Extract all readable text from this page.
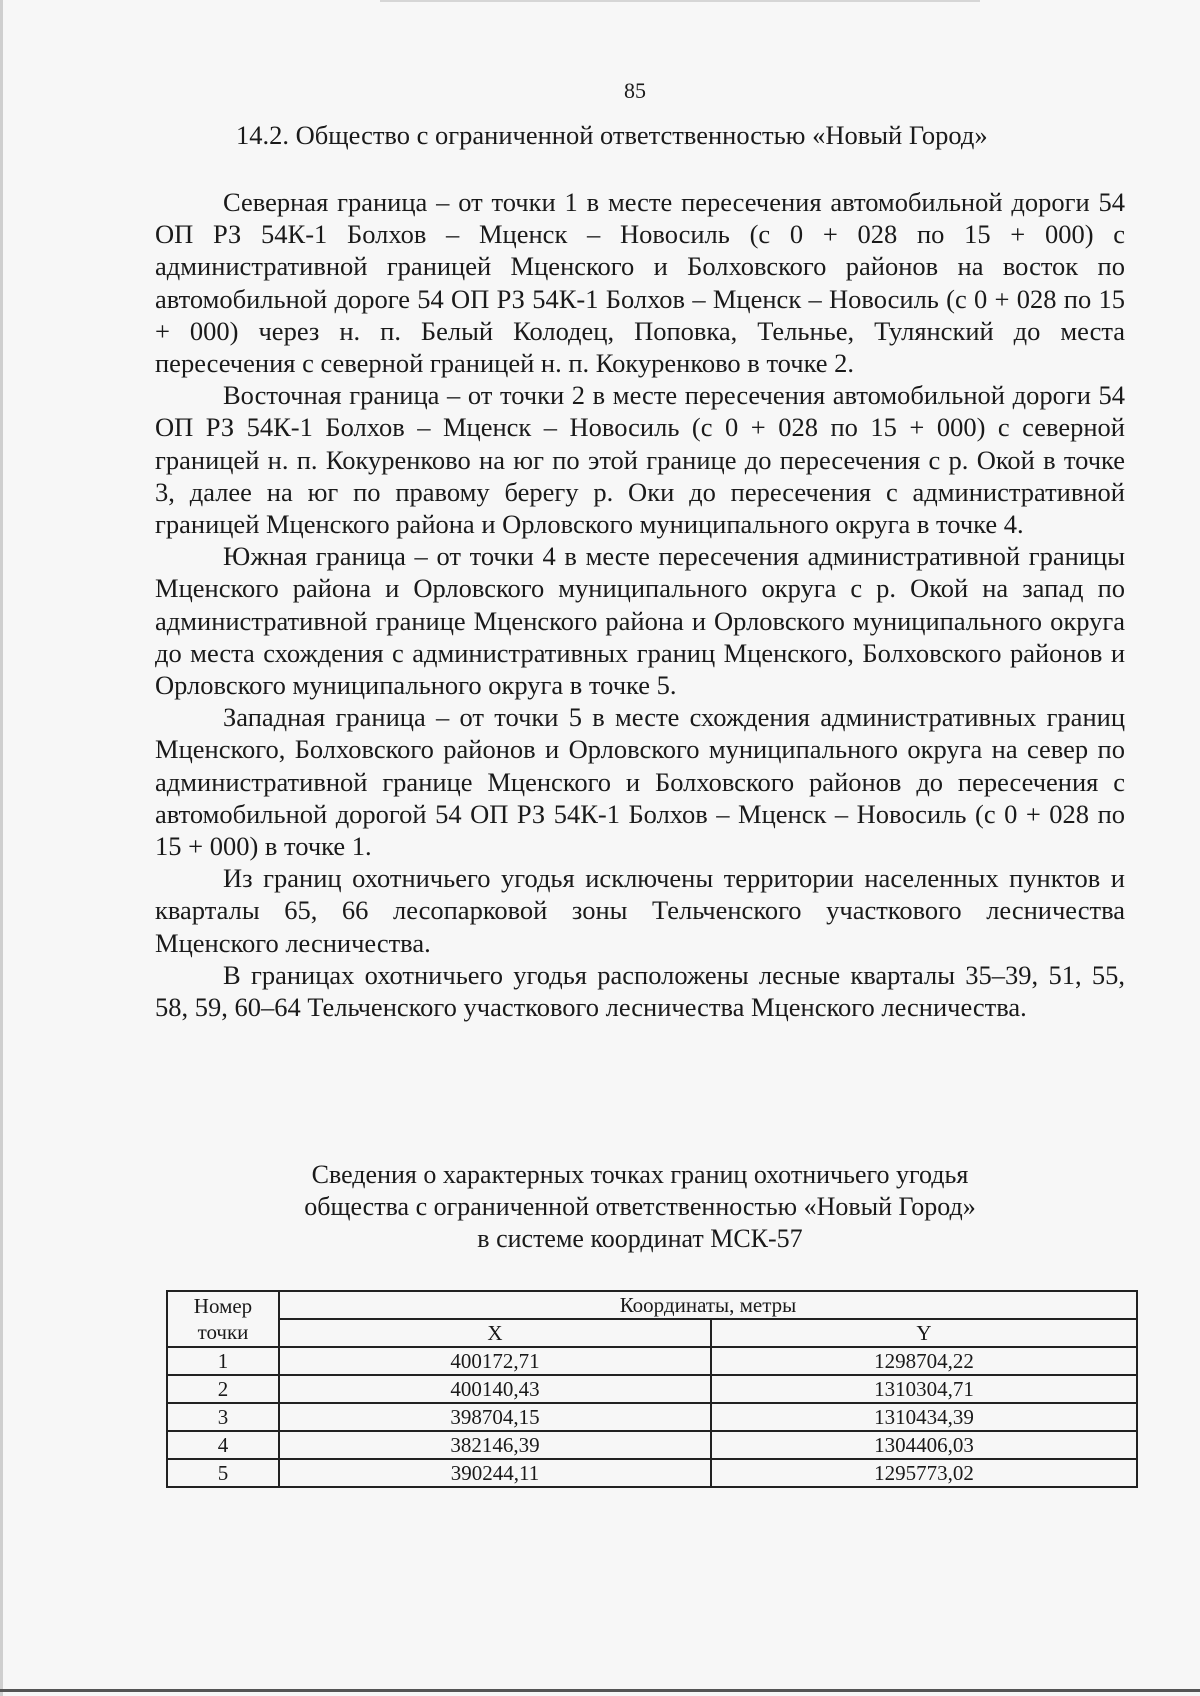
85
14.2. Общество с ограниченной ответственностью «Новый Город»

Северная граница – от точки 1 в месте пересечения автомобильной дороги 54 ОП РЗ 54К-1 Болхов – Мценск – Новосиль (с 0 + 028 по 15 + 000) с административной границей Мценского и Болховского районов на восток по автомобильной дороге 54 ОП РЗ 54К-1 Болхов – Мценск – Новосиль (с 0 + 028 по 15 + 000) через н. п. Белый Колодец, Поповка, Тельнье, Тулянский до места пересечения с северной границей н. п. Кокуренково в точке 2.

Восточная граница – от точки 2 в месте пересечения автомобильной дороги 54 ОП РЗ 54К-1 Болхов – Мценск – Новосиль (с 0 + 028 по 15 + 000) с северной границей н. п. Кокуренково на юг по этой границе до пересечения с р. Окой в точке 3, далее на юг по правому берегу р. Оки до пересечения с административной границей Мценского района и Орловского муниципального округа в точке 4.

Южная граница – от точки 4 в месте пересечения административной границы Мценского района и Орловского муниципального округа с р. Окой на запад по административной границе Мценского района и Орловского муниципального округа до места схождения с административных границ Мценского, Болховского районов и Орловского муниципального округа в точке 5.

Западная граница – от точки 5 в месте схождения административных границ Мценского, Болховского районов и Орловского муниципального округа на север по административной границе Мценского и Болховского районов до пересечения с автомобильной дорогой 54 ОП РЗ 54К-1 Болхов – Мценск – Новосиль (с 0 + 028 по 15 + 000) в точке 1.

Из границ охотничьего угодья исключены территории населенных пунктов и кварталы 65, 66 лесопарковой зоны Тельченского участкового лесничества Мценского лесничества.

В границах охотничьего угодья расположены лесные кварталы 35–39, 51, 55, 58, 59, 60–64 Тельченского участкового лесничества Мценского лесничества.

Сведения о характерных точках границ охотничьего угодья
общества с ограниченной ответственностью «Новый Город»
в системе координат МСК-57
Номер точки	Координаты, метры	
	X	Y
1	400172,71	1298704,22
2	400140,43	1310304,71
3	398704,15	1310434,39
4	382146,39	1304406,03
5	390244,11	1295773,02
